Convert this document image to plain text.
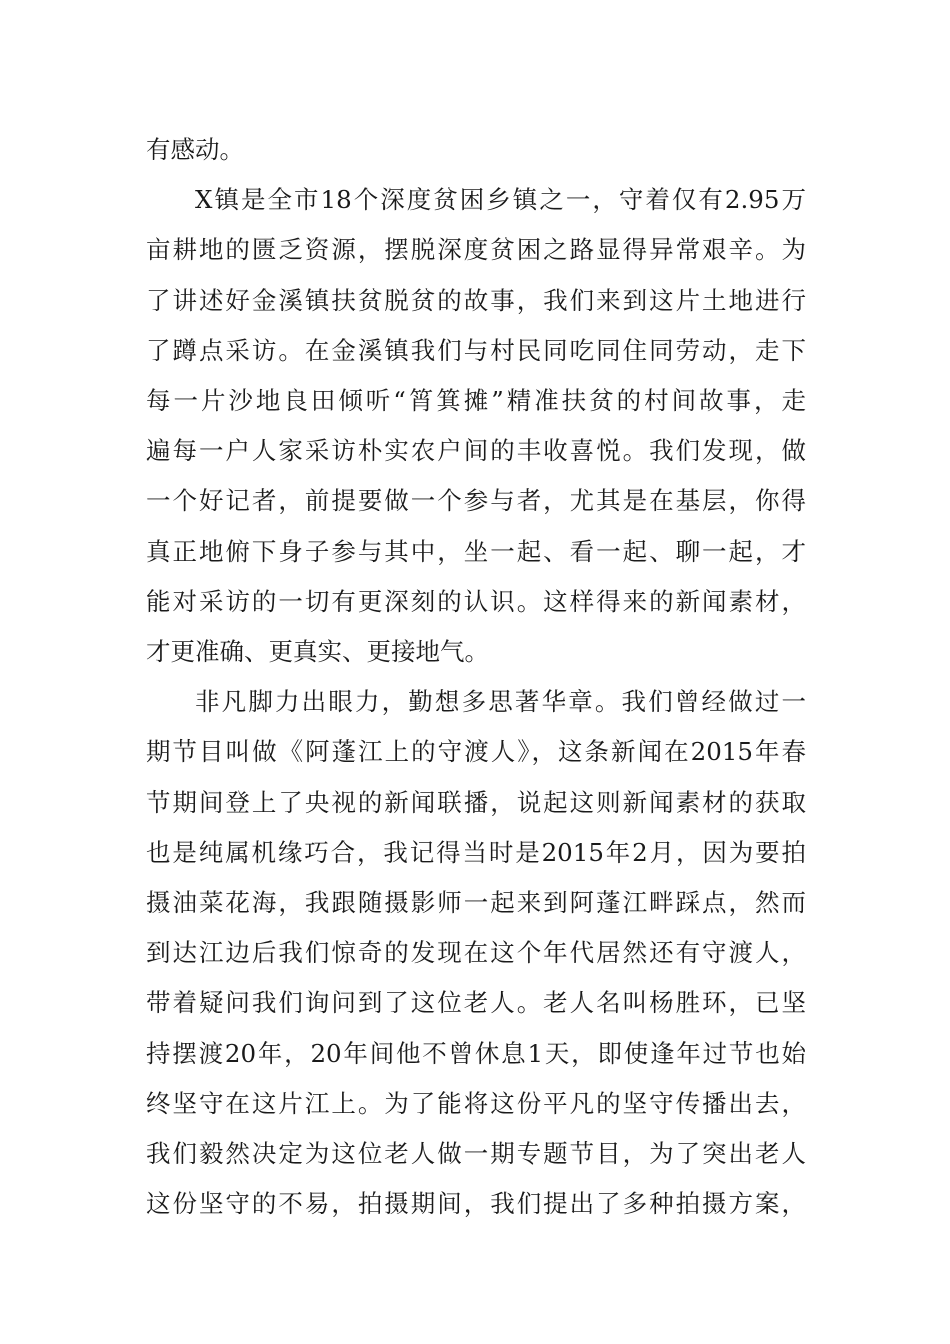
有感动。
X镇是全市18个深度贫困乡镇之一，守着仅有2.95万
亩耕地的匮乏资源，摆脱深度贫困之路显得异常艰辛。为
了讲述好金溪镇扶贫脱贫的故事，我们来到这片土地进行
了蹲点采访。在金溪镇我们与村民同吃同住同劳动，走下
每一片沙地良田倾听“筲箕摊”精准扶贫的村间故事，走
遍每一户人家采访朴实农户间的丰收喜悦。我们发现，做
一个好记者，前提要做一个参与者，尤其是在基层，你得
真正地俯下身子参与其中，坐一起、看一起、聊一起，才
能对采访的一切有更深刻的认识。这样得来的新闻素材，
才更准确、更真实、更接地气。
非凡脚力出眼力，勤想多思著华章。我们曾经做过一
期节目叫做《阿蓬江上的守渡人》，这条新闻在2015年春
节期间登上了央视的新闻联播，说起这则新闻素材的获取
也是纯属机缘巧合，我记得当时是2015年2月，因为要拍
摄油菜花海，我跟随摄影师一起来到阿蓬江畔踩点，然而
到达江边后我们惊奇的发现在这个年代居然还有守渡人，
带着疑问我们询问到了这位老人。老人名叫杨胜环，已坚
持摆渡20年，20年间他不曾休息1天，即使逢年过节也始
终坚守在这片江上。为了能将这份平凡的坚守传播出去，
我们毅然决定为这位老人做一期专题节目，为了突出老人
这份坚守的不易，拍摄期间，我们提出了多种拍摄方案，
